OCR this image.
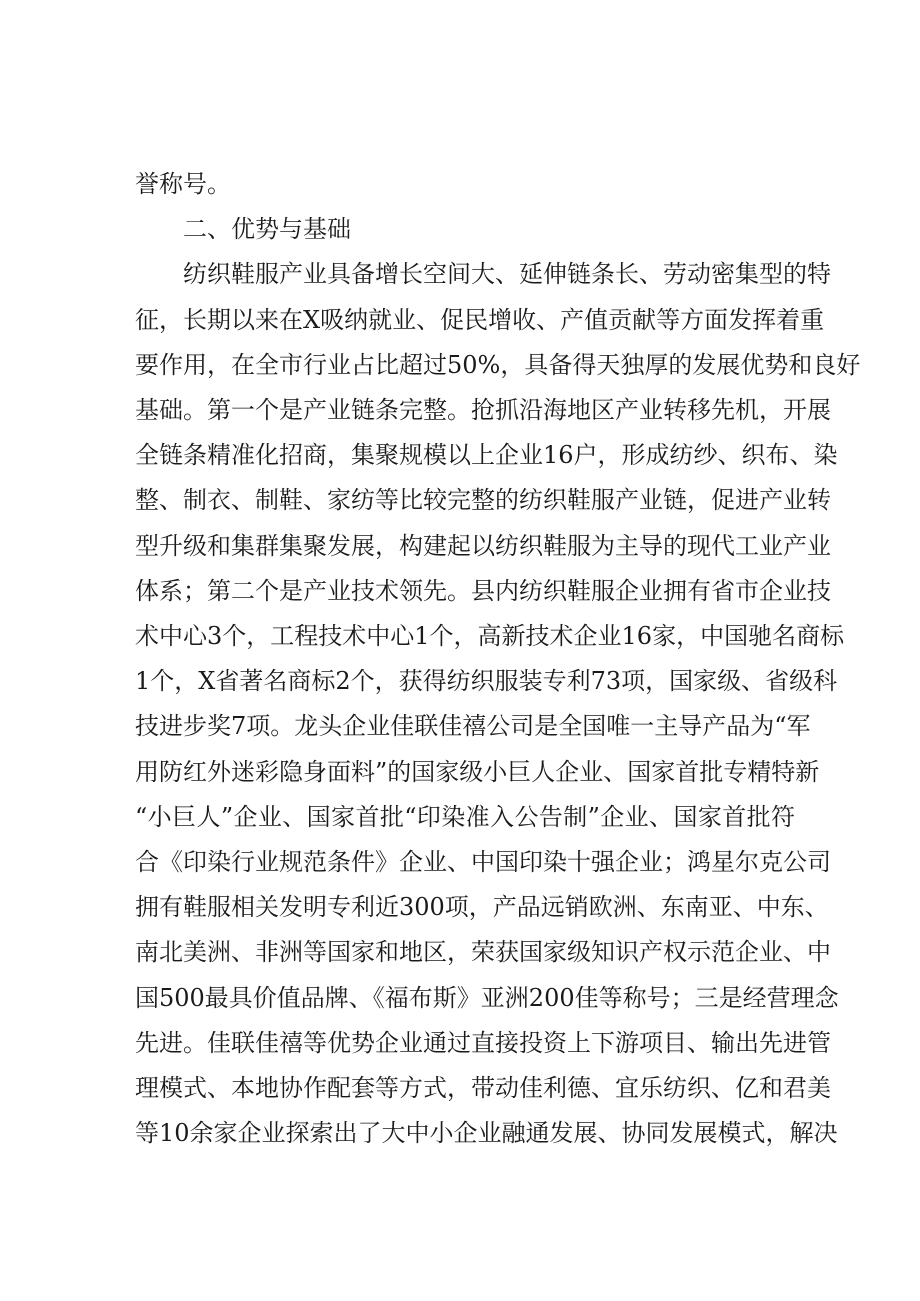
誉称号。
二、优势与基础
纺织鞋服产业具备增长空间大、延伸链条长、劳动密集型的特
征，长期以来在X吸纳就业、促民增收、产值贡献等方面发挥着重
要作用，在全市行业占比超过50%，具备得天独厚的发展优势和良好
基础。第一个是产业链条完整。抢抓沿海地区产业转移先机，开展
全链条精准化招商，集聚规模以上企业16户，形成纺纱、织布、染
整、制衣、制鞋、家纺等比较完整的纺织鞋服产业链，促进产业转
型升级和集群集聚发展，构建起以纺织鞋服为主导的现代工业产业
体系；第二个是产业技术领先。县内纺织鞋服企业拥有省市企业技
术中心3个，工程技术中心1个，高新技术企业16家，中国驰名商标
1个，X省著名商标2个，获得纺织服装专利73项，国家级、省级科
技进步奖7项。龙头企业佳联佳禧公司是全国唯一主导产品为“军
用防红外迷彩隐身面料”的国家级小巨人企业、国家首批专精特新
“小巨人”企业、国家首批“印染准入公告制”企业、国家首批符
合《印染行业规范条件》企业、中国印染十强企业；鸿星尔克公司
拥有鞋服相关发明专利近300项，产品远销欧洲、东南亚、中东、
南北美洲、非洲等国家和地区，荣获国家级知识产权示范企业、中
国500最具价值品牌、《福布斯》亚洲200佳等称号；三是经营理念
先进。佳联佳禧等优势企业通过直接投资上下游项目、输出先进管
理模式、本地协作配套等方式，带动佳利德、宜乐纺织、亿和君美
等10余家企业探索出了大中小企业融通发展、协同发展模式，解决
